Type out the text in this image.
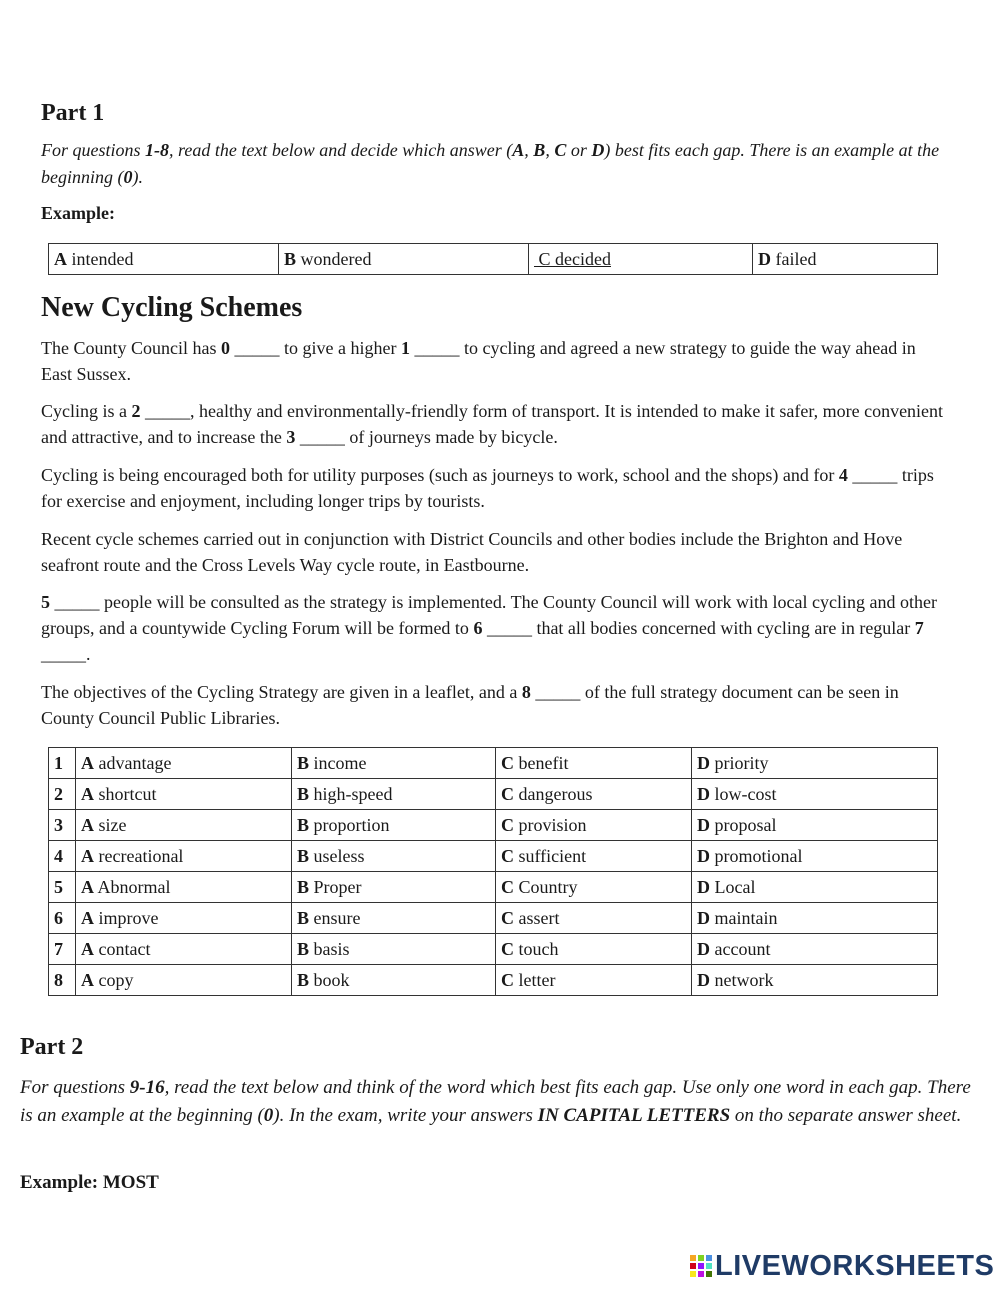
Part 1

For questions 1-8, read the text below and decide which answer (A, B, C or D) best fits each gap. There is an example at the beginning (0).

Example:

A intended	B wondered	C decided	D failed
New Cycling Schemes

The County Council has 0 _____ to give a higher 1 _____ to cycling and agreed a new strategy to guide the way ahead in East Sussex.

Cycling is a 2 _____, healthy and environmentally-friendly form of transport. It is intended to make it safer, more convenient and attractive, and to increase the 3 _____ of journeys made by bicycle.

Cycling is being encouraged both for utility purposes (such as journeys to work, school and the shops) and for 4 _____ trips for exercise and enjoyment, including longer trips by tourists.

Recent cycle schemes carried out in conjunction with District Councils and other bodies include the Brighton and Hove seafront route and the Cross Levels Way cycle route, in Eastbourne.

5 _____ people will be consulted as the strategy is implemented. The County Council will work with local cycling and other groups, and a countywide Cycling Forum will be formed to 6 _____ that all bodies concerned with cycling are in regular 7 _____.

The objectives of the Cycling Strategy are given in a leaflet, and a 8 _____ of the full strategy document can be seen in County Council Public Libraries.

1	A advantage	B income	C benefit	D priority
2	A shortcut	B high-speed	C dangerous	D low-cost
3	A size	B proportion	C provision	D proposal
4	A recreational	B useless	C sufficient	D promotional
5	A Abnormal	B Proper	C Country	D Local
6	A improve	B ensure	C assert	D maintain
7	A contact	B basis	C touch	D account
8	A copy	B book	C letter	D network
Part 2

For questions 9-16, read the text below and think of the word which best fits each gap. Use only one word in each gap. There is an example at the beginning (0). In the exam, write your answers IN CAPITAL LETTERS on tho separate answer sheet.

Example: MOST

LIVEWORKSHEETS
